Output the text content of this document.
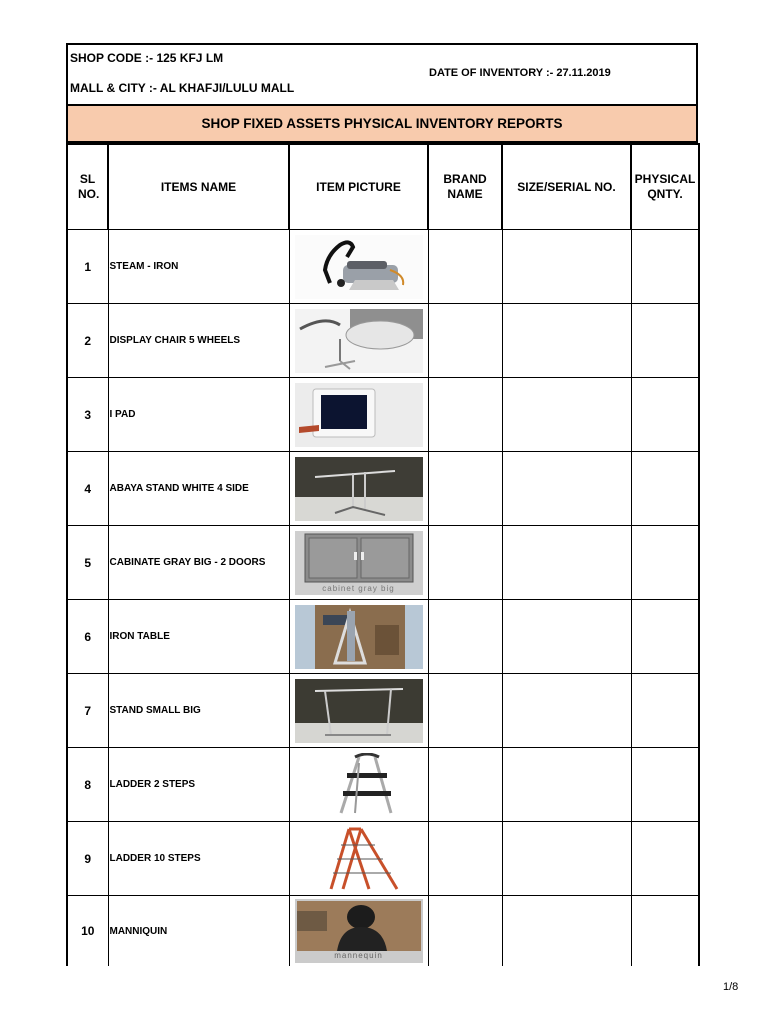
SHOP CODE :- 125 KFJ LM
MALL & CITY :- AL KHAFJI/LULU MALL
DATE OF INVENTORY :- 27.11.2019
SHOP FIXED ASSETS PHYSICAL INVENTORY REPORTS
SL NO.	ITEMS NAME	ITEM PICTURE	BRAND NAME	SIZE/SERIAL NO.	PHYSICAL QNTY.
1	STEAM - IRON	

2	DISPLAY CHAIR 5 WHEELS	

3	I PAD	

4	ABAYA STAND WHITE 4 SIDE	

5	CABINATE GRAY BIG - 2 DOORS	cabinet gray big			

6	IRON TABLE	

7	STAND SMALL BIG	

8	LADDER 2 STEPS	

9	LADDER 10 STEPS	

10	MANNIQUIN	mannequin			

1/8
